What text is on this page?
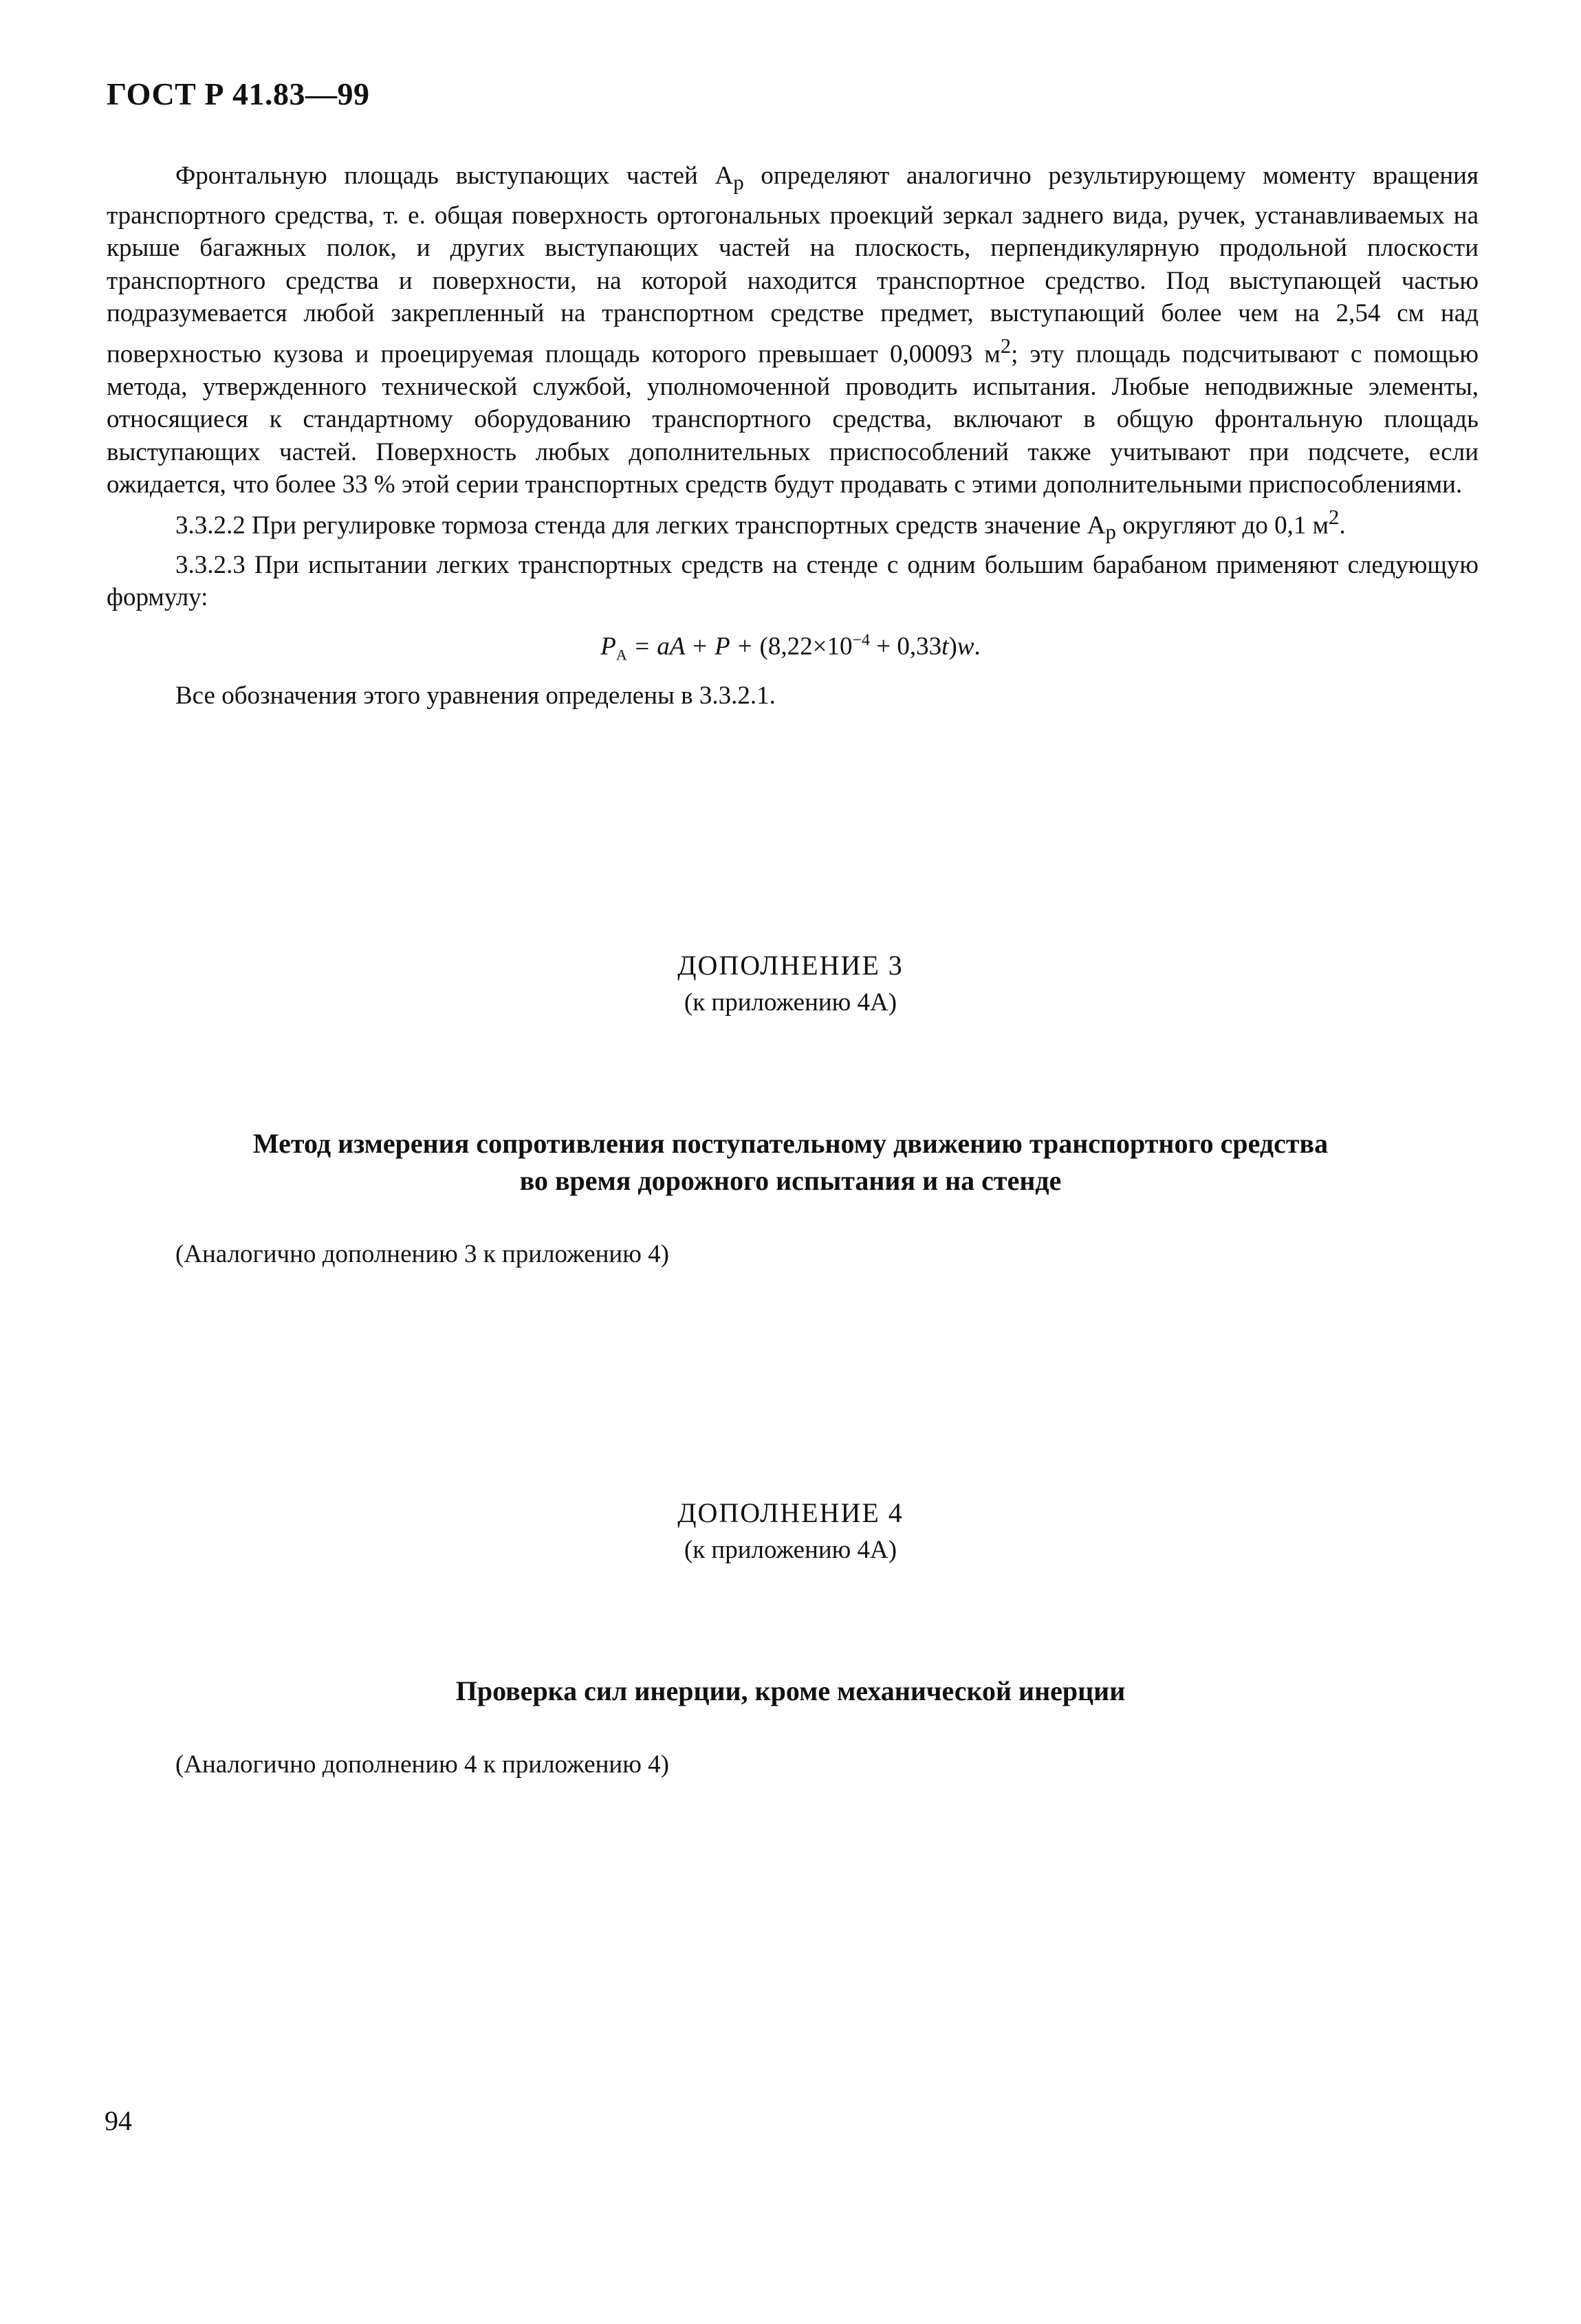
ГОСТ Р 41.83—99

Фронтальную площадь выступающих частей $А_р$ определяют аналогично результирующему моменту вращения транспортного средства, т. е. общая поверхность ортогональных проекций зеркал заднего вида, ручек, устанавливаемых на крыше багажных полок, и других выступающих частей на плоскость, перпендикулярную продольной плоскости транспортного средства и поверхности, на которой находится транспортное средство. Под выступающей частью подразумевается любой закрепленный на транспортном средстве предмет, выступающий более чем на 2,54 см над поверхностью кузова и проецируемая площадь которого превышает 0,00093 $м^2$; эту площадь подсчитывают с помощью метода, утвержденного технической службой, уполномоченной проводить испытания. Любые неподвижные элементы, относящиеся к стандартному оборудованию транспортного средства, включают в общую фронтальную площадь выступающих частей. Поверхность любых дополнительных приспособлений также учитывают при подсчете, если ожидается, что более 33 % этой серии транспортных средств будут продавать с этими дополнительными приспособлениями.

3.3.2.2 При регулировке тормоза стенда для легких транспортных средств значение $А_р$ округляют до 0,1 $м^2$.

3.3.2.3 При испытании легких транспортных средств на стенде с одним большим барабаном применяют следующую формулу:

$P_A$ = aA + $P + (8,22\times 10^{-4} + 0,33t)w$.
Все обозначения этого уравнения определены в 3.3.2.1.
ДОПОЛНЕНИЕ 3
(к приложению 4А)

Метод измерения сопротивления поступательному движению транспортного средства

во время дорожного испытания и на стенде

(Аналогично дополнению 3 к приложению 4)
ДОПОЛНЕНИЕ 4
(к приложению 4А)
Проверка сил инерции, кроме механической инерции
(Аналогично дополнению 4 к приложению 4)
94
